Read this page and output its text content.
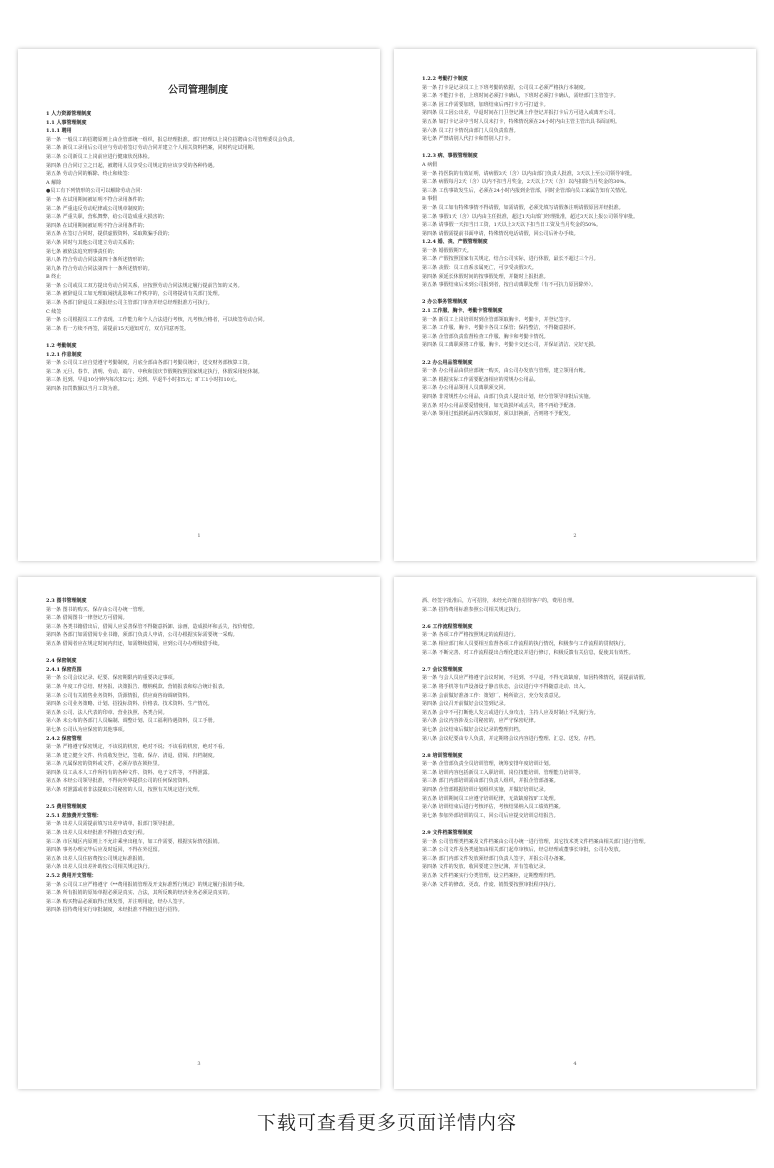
公司管理制度
1 人力资源管理制度
1.1 人事管理制度
1.1.1 聘用
第一条 一般员工的招聘原则上由企管部统一组织，报总经理批准。部门经理以上岗位招聘由公司管理委员会负责。
第二条 新员工录用后公司应与劳动者签订劳动合同并建立个人相关资料档案，同时约定试用期。
第三条 公司新员工上岗前应进行健康状况体检。
第四条 自合同订立之日起，被聘用人员享受公司规定的应该享受的各种待遇。
第五条 劳动合同的解除、终止和续签：
A 解除
●员工有下列情形的公司可以解除劳动合同：
第一条 在试用期间被证明不符合录用条件的；
第二条 严重违反劳动纪律或公司规章制度的；
第三条 严重失职，营私舞弊，给公司造成重大损害的；
第四条 在试用期间被证明不符合录用条件的；
第五条 在签订合同时，提供虚假资料，采取欺骗手段的；
第六条 同时与其他公司建立劳动关系的；
第七条 被依法追究刑事责任的；
第八条 符合劳动合同法第四十条所述情形的；
第九条 符合劳动合同法第四十一条所述情形的。
B 终止
第一条 公司或员工双方提出劳动合同关系，应按照劳动合同法规定履行提前告知的义务。
第二条 被辞退员工如无理取闹扰乱影响工作秩序的，公司将提请有关部门处理。
第三条 各部门辞退员工须报经公司主管部门审查并经总经理批准方可执行。
C 续签
第一条 公司根据员工工作表现、工作能力和个人合法进行考核，凡考核合格者，可以续签劳动合同。
第二条 若一方续不再签，需提前15天通知对方，双方同意再签。
1.2 考勤制度
1.2.1 作息制度
第一条 公司员工应自觉遵守考勤制度，月底全部由各部门考勤员统计，送交财务部核算工资。
第二条 元旦、春节、清明、劳动、端午、中秋和国庆节假期按照国家规定执行，休假采用轮休制。
第三条 迟到、早退10分钟内每次扣2元；迟到、早退半小时扣5元；旷工1小时扣10元。
第四条 扣罚数额以当月工资为准。
1
1.2.2 考勤打卡制度
第一条 打卡是记录员工上下班考勤的依据，公司员工必须严格执行本制度。
第二条 不能打卡者，上班时间必须打卡确认，下班时必须打卡确认，需经部门主管签字。
第三条 因工作需要加班，加班结束后再打卡方可打道卡。
第四条 员工因公出差，早退时间在门卫登记簿上作登记并报打卡后方可进入或离开公司。
第五条 如打卡记录中当时人员未打卡，特殊情况须在24小时内由主管主管出具书面证明。
第六条 员工打卡情况由部门人员负责监督。
第七条 严禁请别人代打卡和替别人打卡。
1.2.3 病、事假管理制度
A 病假
第一条 持医院的有效证明，请病假3天（含）以内由部门负责人批准，3天以上至公司领导审批。
第二条 病假每月2天（含）以内不扣当月奖金，2天以上7天（含）以内扣除当月奖金的30%。
第三条 工伤事故发生后，必须在24小时内报到企管部，同时企管部向员工家属告知有关情况。
B 事假
第一条 员工如有特殊事情不得请假，如需请假，必须先填写请假条注明请假原因并经批准。
第二条 事假1天（含）以内由主任批准，超过1天由部门经理批准，超过3天以上报公司领导审批。
第三条 请事假一天扣当日工资，1天以上3天以下扣当日工资及当月奖金的50%。
第四条 请假需提前书面申请，特殊情况电话请假，回公司后补办手续。
1.2.4 婚、丧、产假管理制度
第一条 婚假假期7天。
第二条 产假按照国家有关规定，结合公司实际，进行休假，最长不超过三个月。
第三条 丧假：员工直系亲属死亡，可享受丧假3天。
第四条 须延长休假时间的按事假处理，并随时上报批准。
第五条 事假结束后未到公司报到者，按自动离职处理（有不可抗力原因除外）。
2 办公事务管理制度
2.1 工作服、胸卡、考勤卡管理制度
第一条 新员工上岗培训时到企管部领取胸卡、考勤卡，并登记签字。
第二条 工作服、胸卡、考勤卡各员工保管；保持整洁，不得随意损坏。
第三条 企管部负责监督检查工作服、胸卡和考勤卡情况。
第四条 员工离职须将工作服、胸卡、考勤卡交还公司，并保证清洁、完好无损。
2.2 办公用品管理制度
第一条 办公用品由供应部统一购买，由公司办发放与管理，建立领用台帐。
第二条 根据实际工作需要配备相应的常规办公用品。
第三条 办公用品领用人员离职须交回。
第四条 非常规性办公用品，由部门负责人提出计划，经分管领导审批后实施。
第五条 对办公用品要爱惜使用，如无故损坏或丢失，将不再给予配备。
第六条 领用过低损耗品再次领取时，须以旧换新，否则将不予配发。
2
2.3 图书管理制度
第一条 图书的购买、保存由公司办统一管理。
第二条 借阅图书一律登记方可借阅。
第三条 各类书籍借出后，借阅人应妥善保管不得随意拆卸、涂画，造成损坏和丢失，按价赔偿。
第四条 各部门如需借阅专业书籍，须部门负责人申请，公司办根据实际需要统一采购。
第五条 借阅者应在规定时间内归还，如需继续借阅，应到公司办办理续借手续。
2.4 保密制度
2.4.1 保密范围
第一条 公司会议记录、纪要、保密期限内的重要决定事项。
第二条 年度工作总结、财务报、决策报告、缴纳税款、营销报表和综合统计报表。
第三条 公司有关销售业务资料，货源情报，供应商咨询调研资料。
第四条 公司业务策略、计划、招投标资料、价格表、技术资料、生产情况。
第五条 公司、法人代表的印章、营业执照、各类合同。
第六条 未公布的各部门人员编制、调整计划、员工福利待遇资料，员工手册。
第七条 公司认为应保密的其他事项。
2.4.2 保密管理
第一条 严格遵守保密规定，不该说的机密，绝对不说；不该看的机密，绝对不看。
第二条 建立健全文件、传真收发登记，签收、保存、清退、借阅、归档制度。
第三条 凡属保密的资料或文件，必须存放在锁柜里。
第四条 员工从本人工作所持有的各种文件、资料、电子文件等，不得泄露。
第五条 本经公司领导批准，不得向外界提供公司的任何保密资料。
第六条 对泄露或者非法提取公司秘密的人员，按照有关规定进行处理。
2.5 费用管理制度
2.5.1 差旅费开支管理：
第一条 出差人员需提前填写出差申请单，报部门领导批准。
第二条 出差人员未经批准不得擅自改变行程。
第三条 市区城区内原则上不允许乘坐出租车，如工作需要，根据实际情况报销。
第四条 事务办理完毕后应及时返回，不得在外逗留。
第五条 出差人员住宿费按公司规定标准报销。
第六条 出差人员出差补助按公司相关规定执行。
2.5.2 费用开支管理：
第一条 公司员工应严格遵守《**费用报销管理及开支标准暂行规定》的规定履行报销手续。
第二条 所有报销的原始单据必须是真实、合法，其所反映的经济业务必须是真实的。
第三条 购买物品必须取得正规发票，并注明用途，经办人签字。
第四条 招待费用实行审批制度，未经批准不得擅自进行招待。
3
酒、经签字批准后，方可招待，未经允许擅自招待客户的，费用自理。
第二条 招待费用标准参照公司相关规定执行。
2.6 工作流程管理制度
第一条 各项工作严格按照规定的流程进行。
第二条 相应部门和人员要相互监督各项工作流程的执行情况，积极参与工作流程的贯彻执行。
第三条 不断完善、对工作流程提出合理化建议并进行修订，积极反馈有关信息，促使其有效性。
2.7 会议管理制度
第一条 与会人员应严格遵守会议时间，不迟到、不早退，不得无故缺席，如因特殊情况，需提前请假。
第二条 将手机等有声设备设于静音状态，会议进行中不得随意走动、出入。
第三条 会前做好准备工作：策划厂、畅所欲言，充分发表意见。
第四条 会议召开前做好会议签到记录。
第五条 会中不可打断他人发言或进行人身攻击，主持人应及时制止不礼貌行为。
第六条 会议内容涉及公司秘密的，应严守保密纪律。
第七条 会议结束后做好会议记录的整理归档。
第八条 会议纪要由专人负责，并定期将会议内容进行整理、汇总、送发、存档。
2.8 培训管理制度
第一条 企管部负责全员培训管理，统筹安排年度培训计划。
第二条 培训内容包括新员工入职培训、岗位技能培训、管理能力培训等。
第三条 部门内部培训需由部门负责人组织，并报企管部备案。
第四条 企管部根据培训计划组织实施，并做好培训记录。
第五条 培训期间员工应遵守培训纪律，无故缺席按旷工处理。
第六条 培训结束后进行考核评估，考核结果纳入员工绩效档案。
第七条 参加外部培训的员工，回公司后应提交培训总结报告。
2.9 文件档案管理制度
第一条 公司管理类档案及文件档案由公司办统一进行管理，其它技术类文件档案由相关部门进行管理。
第二条 公司文件及各类通知由相关部门起草审核后，经总经理或董事长审批，公司办发放。
第三条 部门内部文件发放须经部门负责人签字，并报公司办备案。
第四条 文件的发放、收回要建立登记簿，并有签收记录。
第五条 文件档案实行分类管理，设立档案柜，定期整理归档。
第六条 文件的修改、更改、作废、销毁要按照审批程序执行。
4
下载可查看更多页面详情内容
